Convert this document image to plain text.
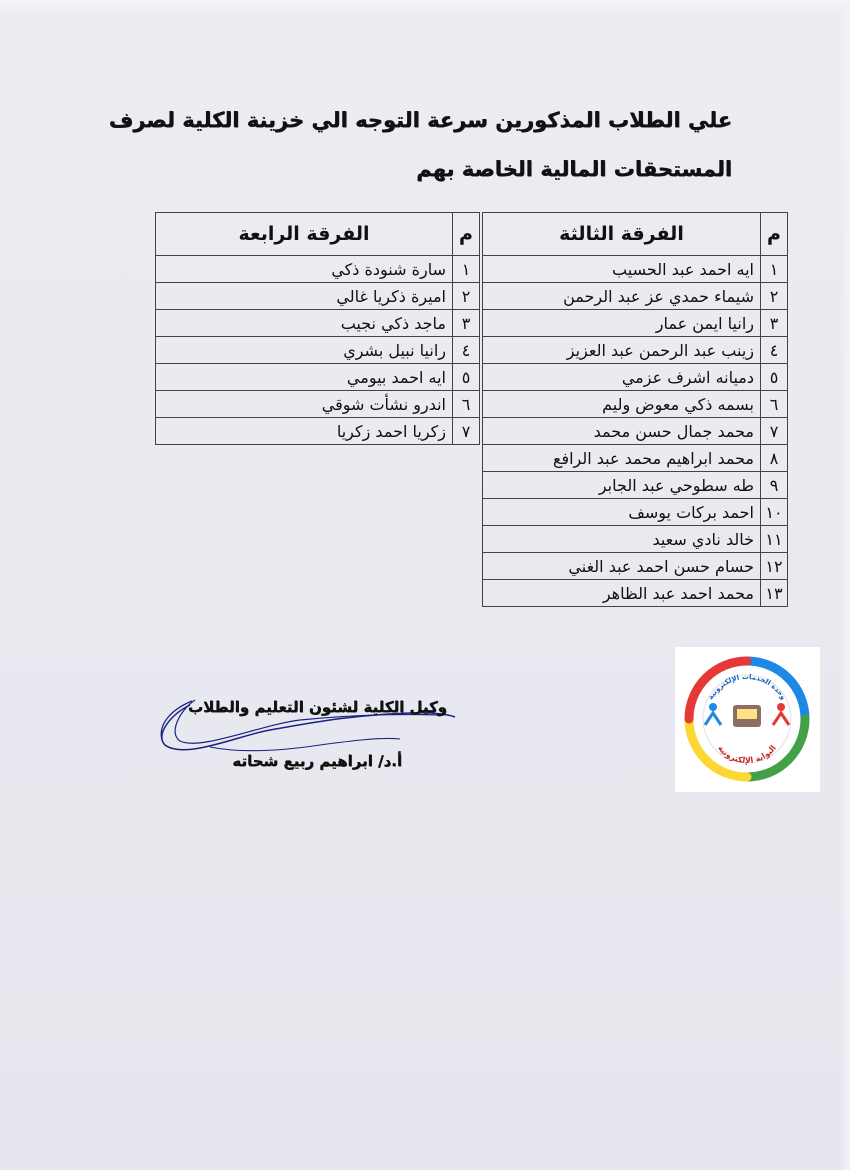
علي الطلاب المذكورين سرعة التوجه الي خزينة الكلية لصرف
المستحقات المالية الخاصة بهم
م	الفرقة الثالثة
١	ايه احمد عبد الحسيب
٢	شيماء حمدي عز عبد الرحمن
٣	رانيا ايمن عمار
٤	زينب عبد الرحمن عبد العزيز
٥	دميانه اشرف عزمي
٦	بسمه ذكي معوض وليم
٧	محمد جمال حسن محمد
٨	محمد ابراهيم محمد عبد الرافع
٩	طه سطوحي عبد الجابر
١٠	احمد بركات يوسف
١١	خالد نادي سعيد
١٢	حسام حسن احمد عبد الغني
١٣	محمد احمد عبد الظاهر
م	الفرقة الرابعة
١	سارة شنودة ذكي
٢	اميرة ذكريا غالي
٣	ماجد ذكي نجيب
٤	رانيا نبيل بشري
٥	ايه احمد بيومي
٦	اندرو نشأت شوقي
٧	زكريا احمد زكريا
وكيل الكلية لشئون التعليم والطلاب
أ.د/ ابراهيم ربيع شحاته
وحدة الخدمات الإلكترونية
البوابة الإلكترونية
